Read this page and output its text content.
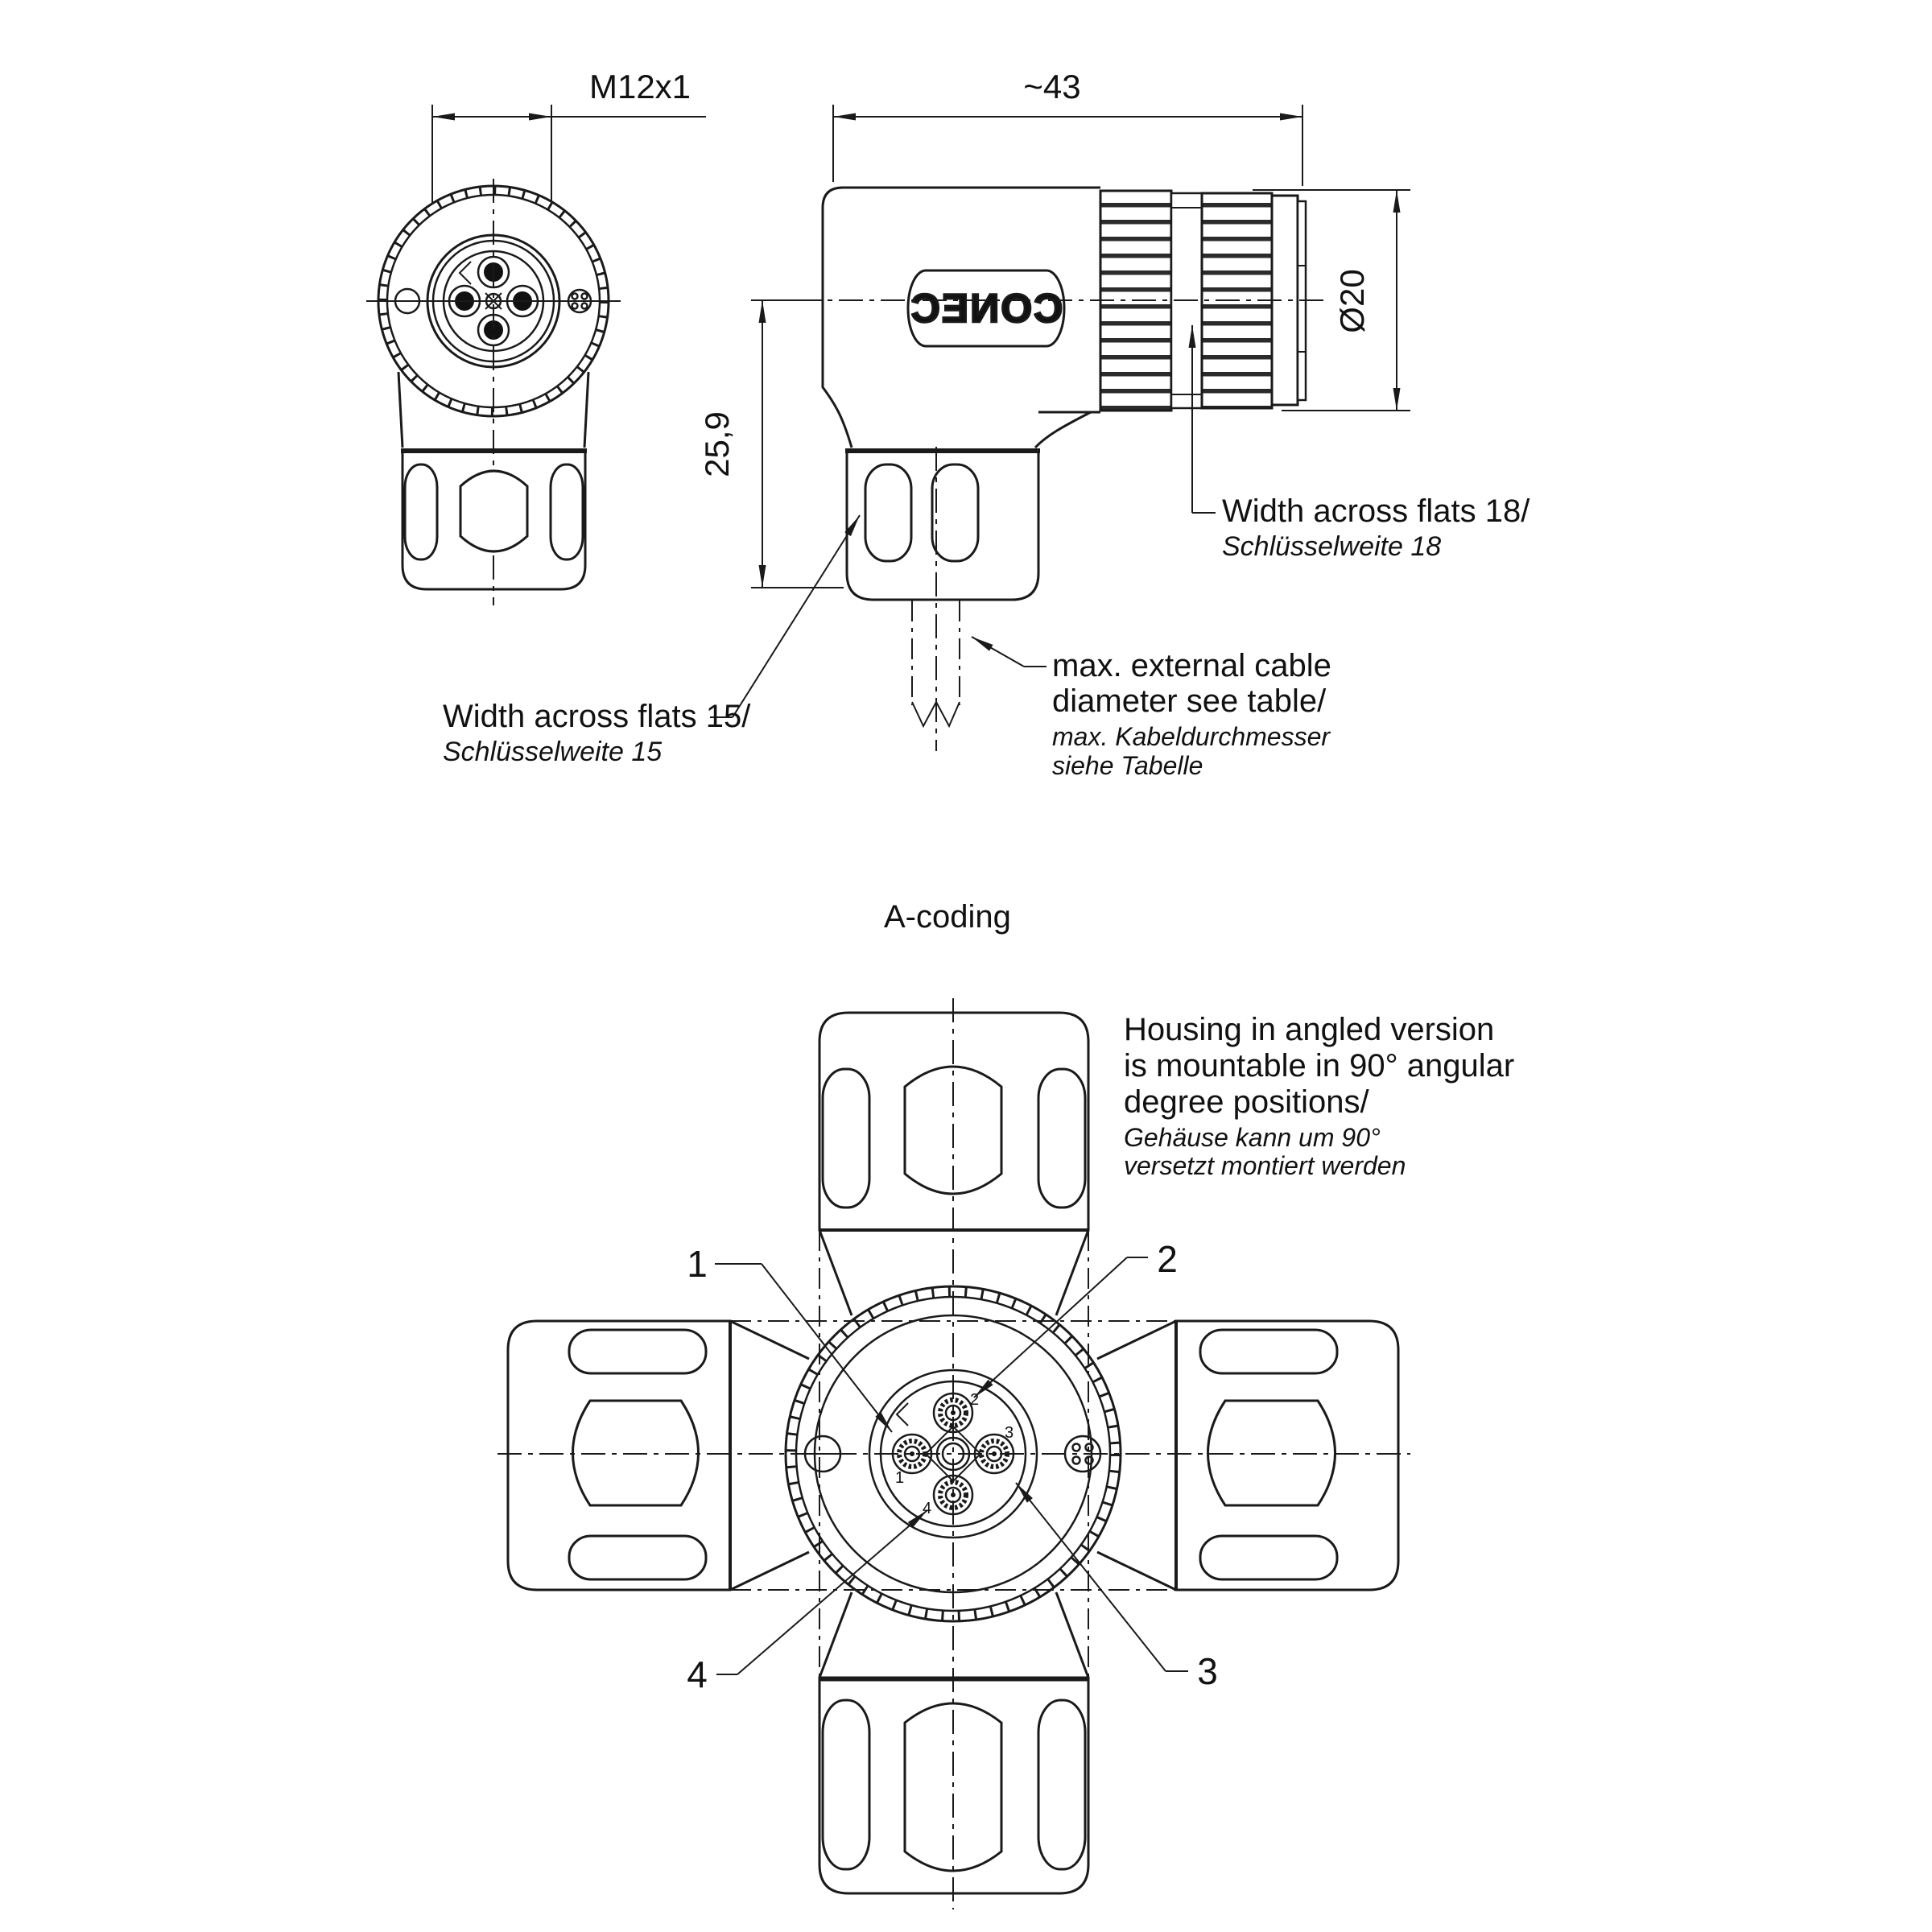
M12x1	~43
CONEC
25,9
Ø20
Width across flats 18/
Schlüsselweite 18
max. external cable
diameter see table/
max. Kabeldurchmesser
siehe Tabelle
Width across flats 15/
Schlüsselweite 15
A-coding
2
1
3
4
1	2
3
4
Housing in angled version
is mountable in 90° angular
degree positions/
Gehäuse kann um 90°
versetzt montiert werden
